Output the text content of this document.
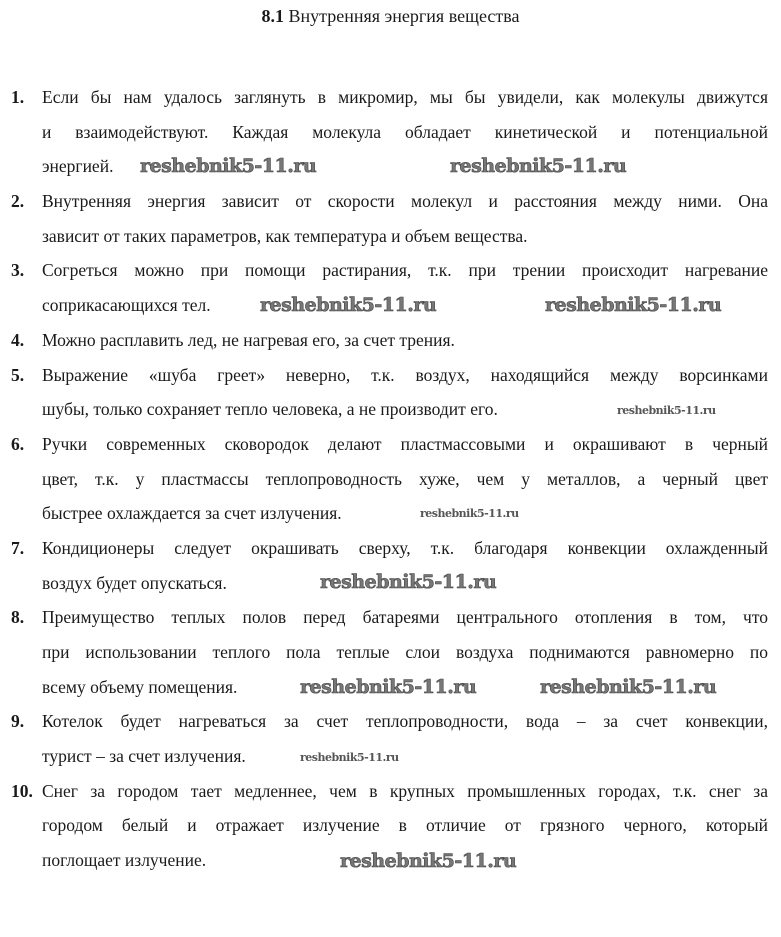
8.1 Внутренняя энергия вещества
1. Если бы нам удалось заглянуть в микромир, мы бы увидели, как молекулы движутся
и взаимодействуют. Каждая молекула обладает кинетической и потенциальной
энергией.
2. Внутренняя энергия зависит от скорости молекул и расстояния между ними. Она
зависит от таких параметров, как температура и объем вещества.
3. Согреться можно при помощи растирания, т.к. при трении происходит нагревание
соприкасающихся тел.
4. Можно расплавить лед, не нагревая его, за счет трения.
5. Выражение «шуба греет» неверно, т.к. воздух, находящийся между ворсинками
шубы, только сохраняет тепло человека, а не производит его.
6. Ручки современных сковородок делают пластмассовыми и окрашивают в черный
цвет, т.к. у пластмассы теплопроводность хуже, чем у металлов, а черный цвет
быстрее охлаждается за счет излучения.
7. Кондиционеры следует окрашивать сверху, т.к. благодаря конвекции охлажденный
воздух будет опускаться.
8. Преимущество теплых полов перед батареями центрального отопления в том, что
при использовании теплого пола теплые слои воздуха поднимаются равномерно по
всему объему помещения.
9. Котелок будет нагреваться за счет теплопроводности, вода – за счет конвекции,
турист – за счет излучения.
10. Снег за городом тает медленнее, чем в крупных промышленных городах, т.к. снег за
городом белый и отражает излучение в отличие от грязного черного, который
поглощает излучение.
reshebnik5-11.ru
reshebnik5-11.ru
reshebnik5-11.ru
reshebnik5-11.ru
reshebnik5-11.ru
reshebnik5-11.ru
reshebnik5-11.ru
reshebnik5-11.ru	reshebnik5-11.ru
reshebnik5-11.ru
reshebnik5-11.ru
